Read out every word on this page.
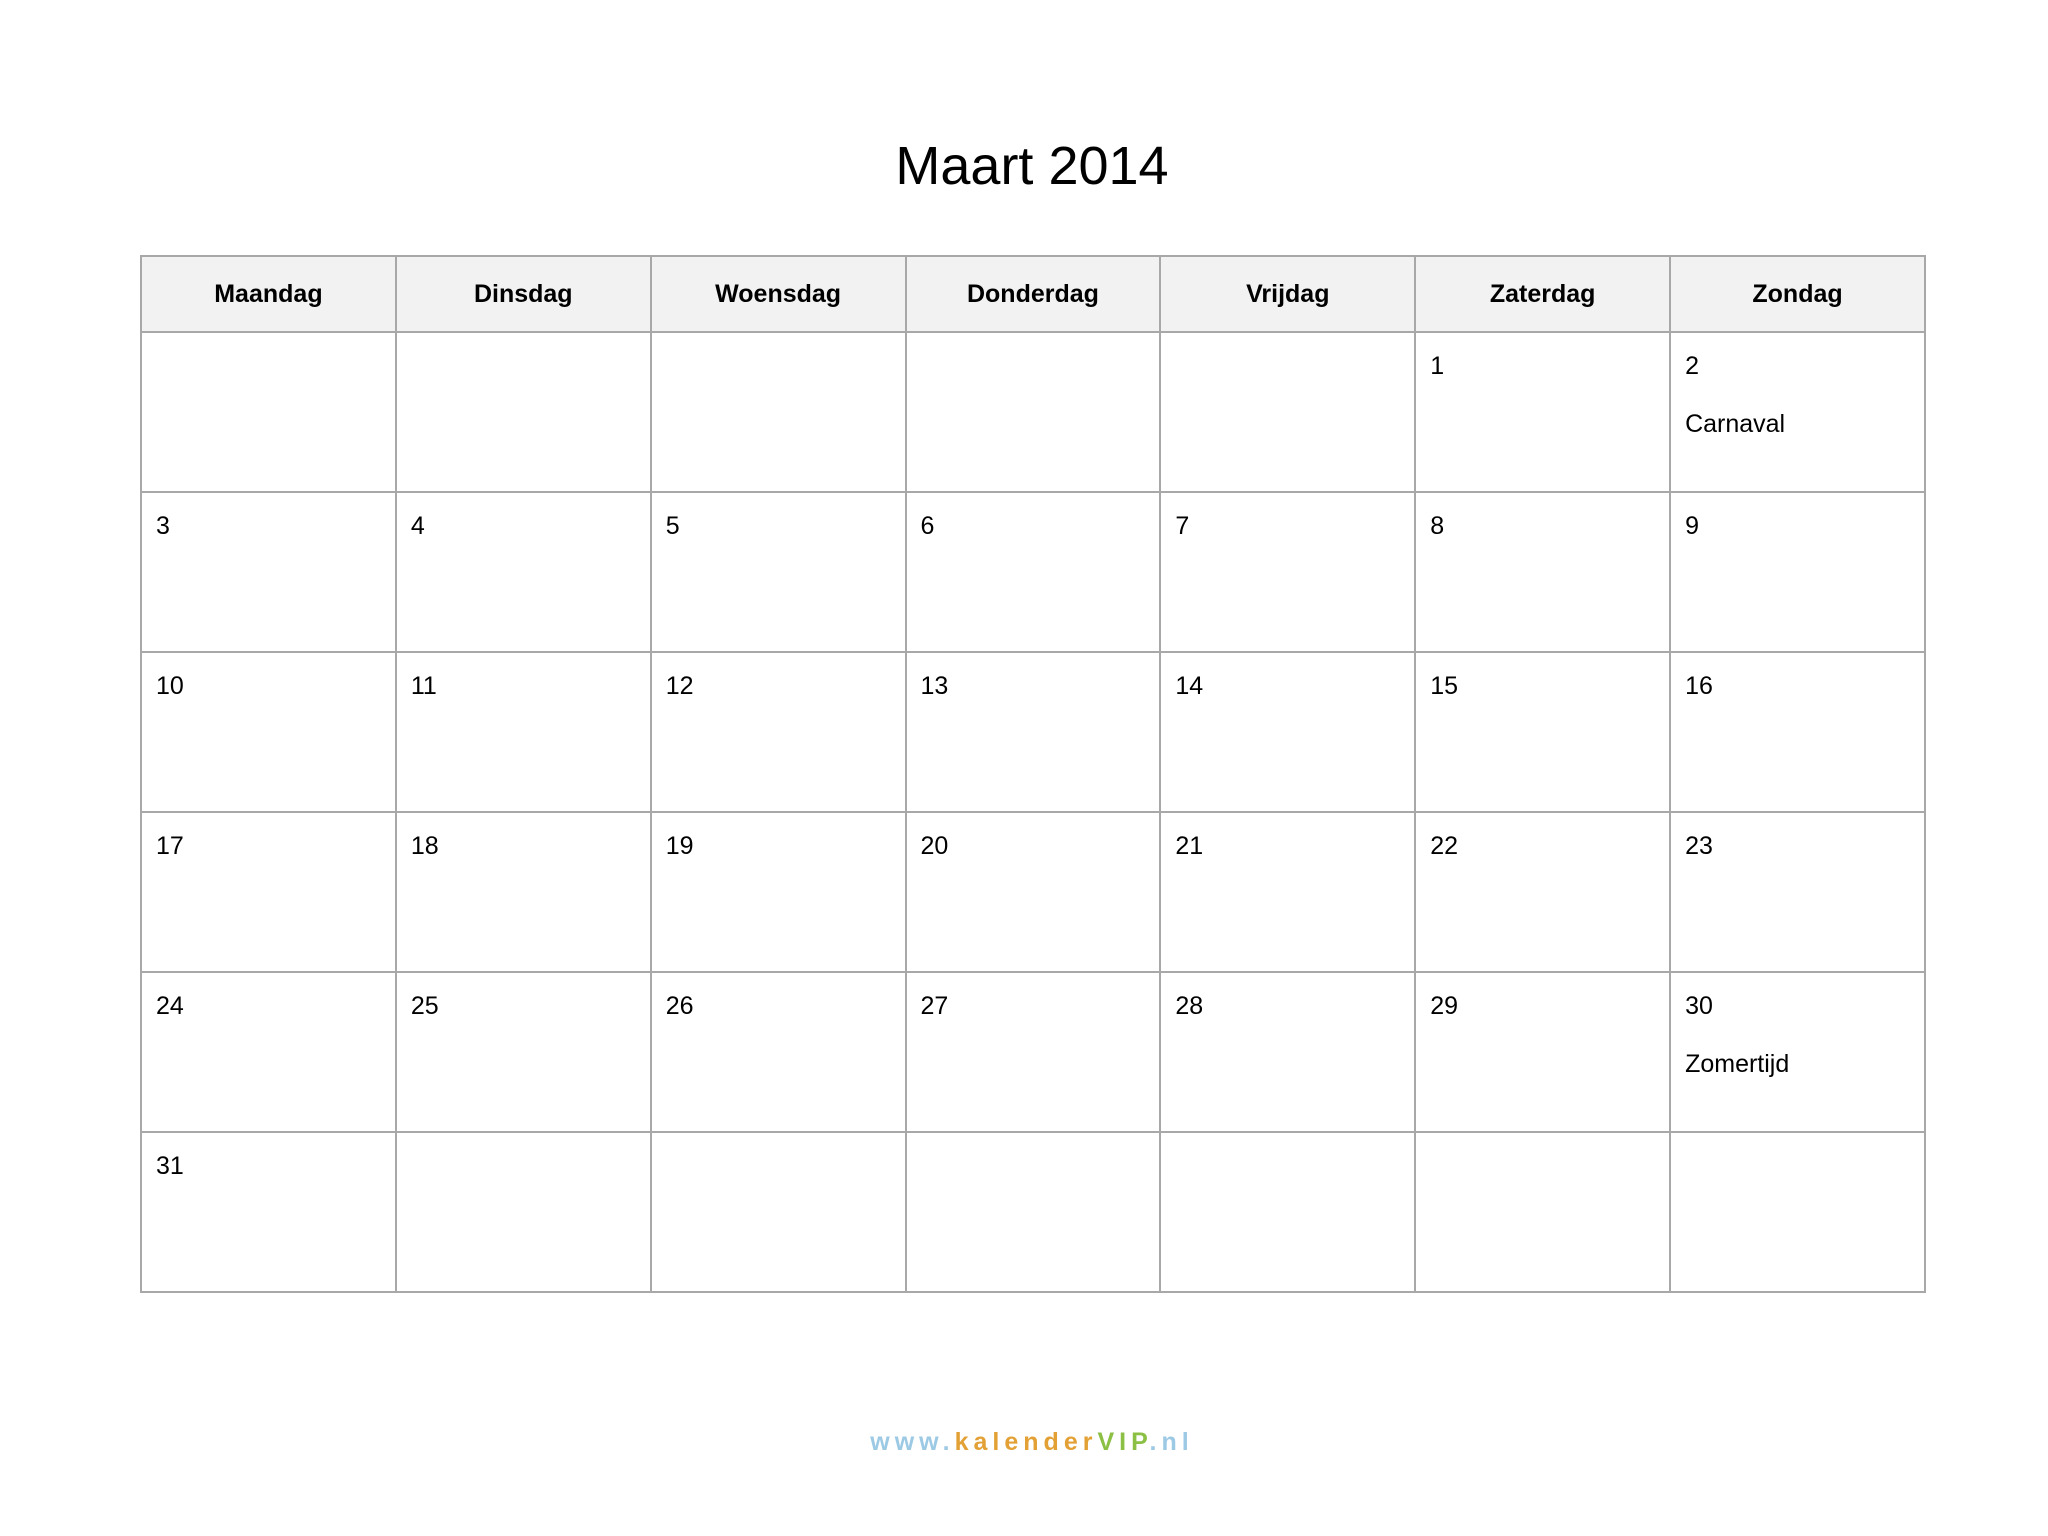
Maart 2014
Maandag	Dinsdag	Woensdag	Donderdag	Vrijdag	Zaterdag	Zondag

					1	2
Carnaval

3	4	5	6	7	8	9

10	11	12	13	14	15	16

17	18	19	20	21	22	23

24	25	26	27	28	29	30
Zomertijd

31						

www.kalenderVIP.nl
